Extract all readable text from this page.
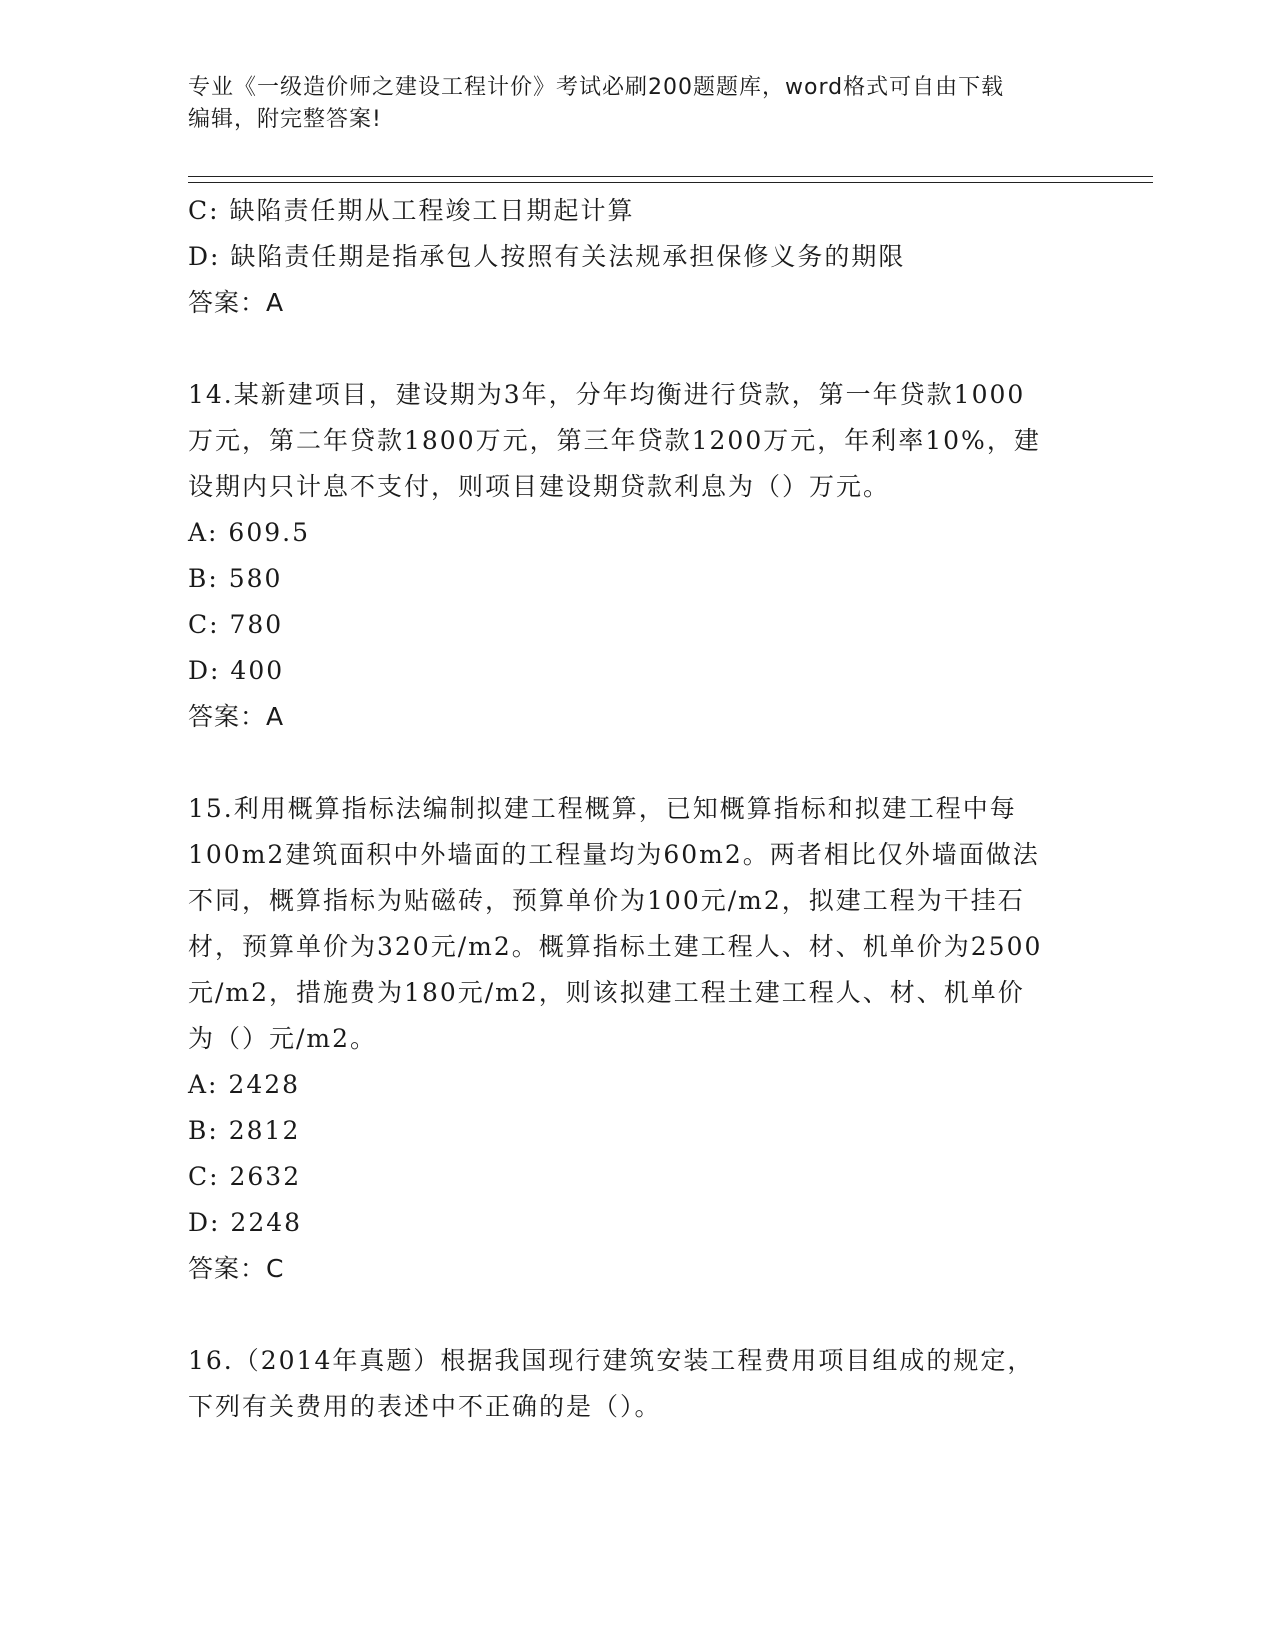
专业《一级造价师之建设工程计价》考试必刷200题题库，word格式可自由下载
编辑，附完整答案!
C: 缺陷责任期从工程竣工日期起计算
D: 缺陷责任期是指承包人按照有关法规承担保修义务的期限
答案：A
14.某新建项目，建设期为3年，分年均衡进行贷款，第一年贷款1000
万元，第二年贷款1800万元，第三年贷款1200万元，年利率10%，建
设期内只计息不支付，则项目建设期贷款利息为（）万元。
A: 609.5
B: 580
C: 780
D: 400
答案：A
15.利用概算指标法编制拟建工程概算，已知概算指标和拟建工程中每
100m2建筑面积中外墙面的工程量均为60m2。两者相比仅外墙面做法
不同，概算指标为贴磁砖，预算单价为100元/m2，拟建工程为干挂石
材，预算单价为320元/m2。概算指标土建工程人、材、机单价为2500
元/m2，措施费为180元/m2，则该拟建工程土建工程人、材、机单价
为（）元/m2。
A: 2428
B: 2812
C: 2632
D: 2248
答案：C
16.（2014年真题）根据我国现行建筑安装工程费用项目组成的规定，
下列有关费用的表述中不正确的是（）。
